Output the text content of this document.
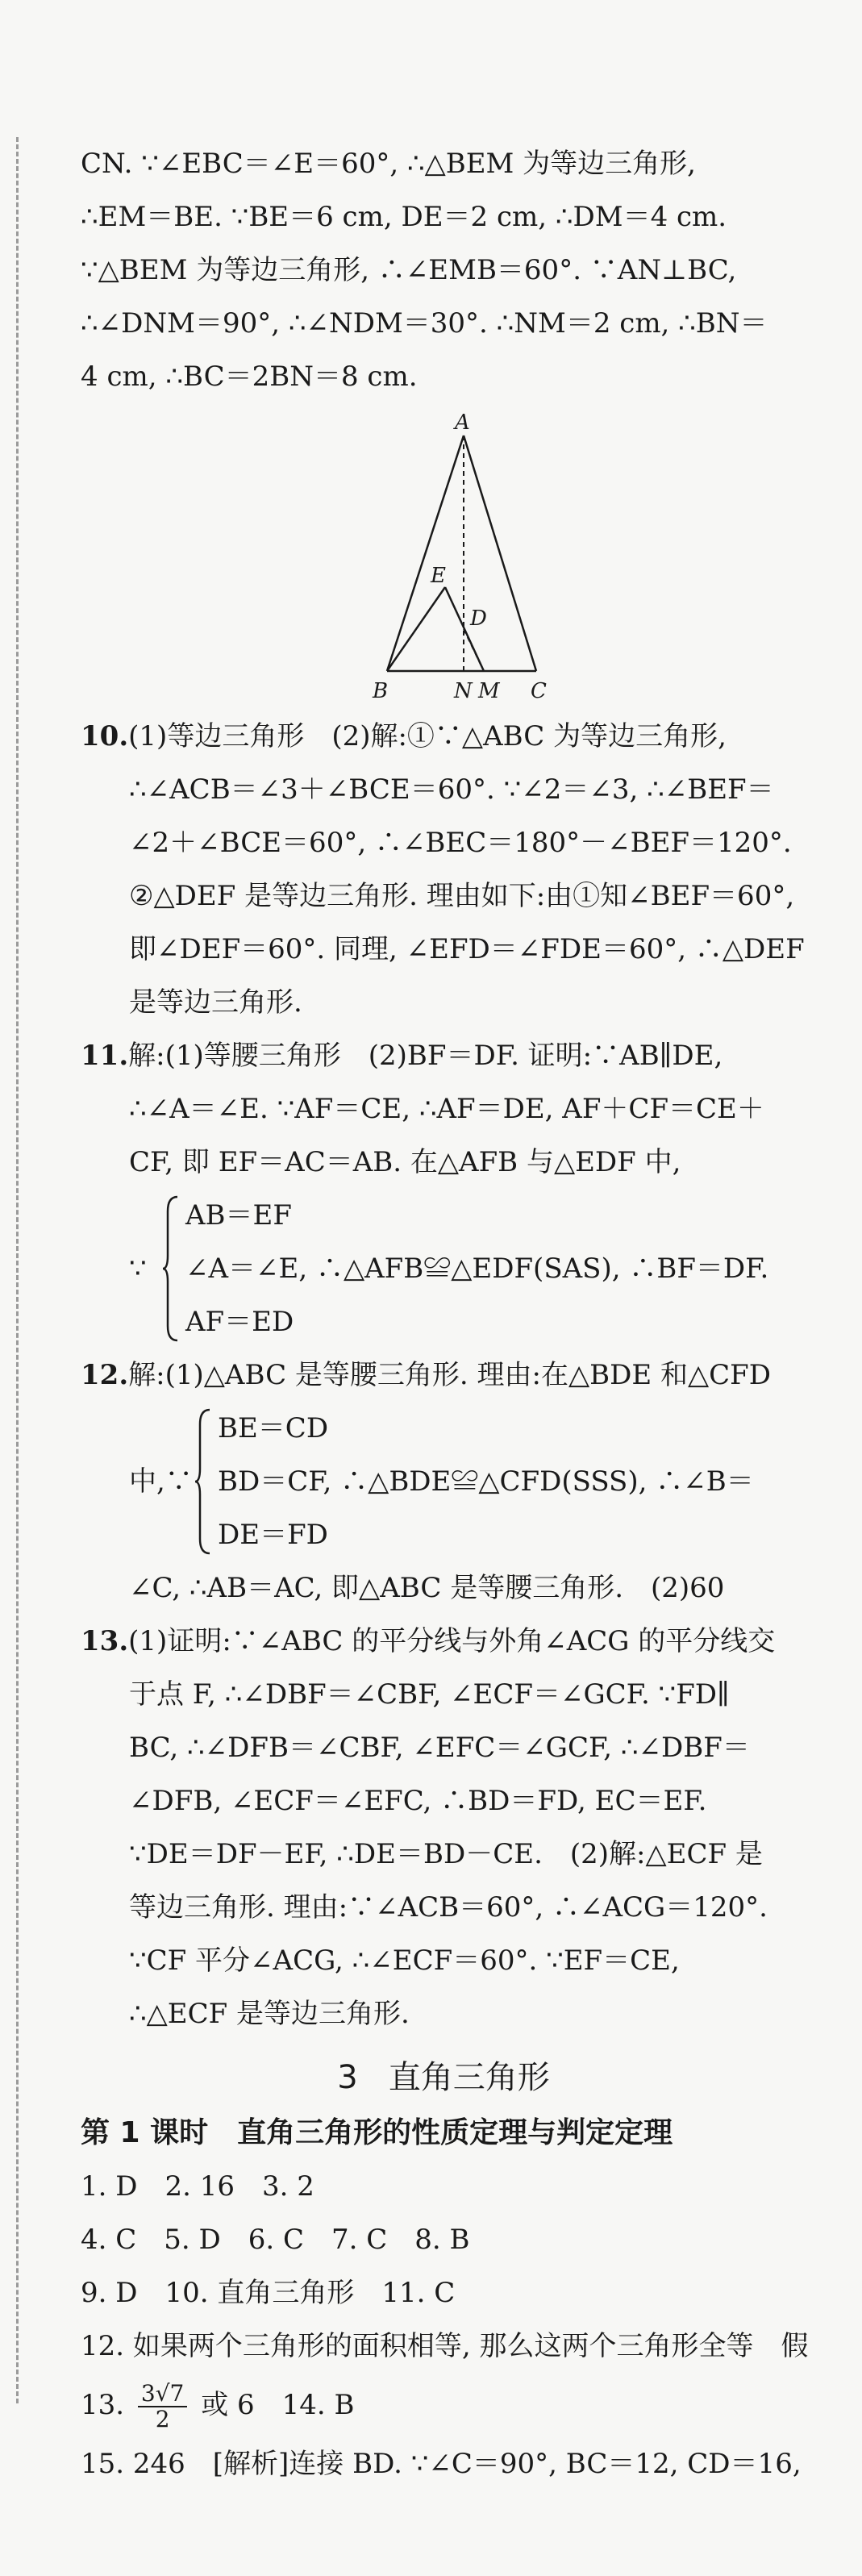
CN. ∵∠EBC＝∠E＝60°, ∴△BEM 为等边三角形,
∴EM＝BE. ∵BE＝6 cm, DE＝2 cm, ∴DM＝4 cm.
∵△BEM 为等边三角形, ∴∠EMB＝60°. ∵AN⊥BC,
∴∠DNM＝90°, ∴∠NDM＝30°. ∴NM＝2 cm, ∴BN＝
4 cm, ∴BC＝2BN＝8 cm.
A
E
D
B	N M C
10.(1)等边三角形　(2)解:①∵△ABC 为等边三角形,
∴∠ACB＝∠3＋∠BCE＝60°. ∵∠2＝∠3, ∴∠BEF＝
∠2＋∠BCE＝60°, ∴∠BEC＝180°－∠BEF＝120°.
②△DEF 是等边三角形. 理由如下:由①知∠BEF＝60°,
即∠DEF＝60°. 同理, ∠EFD＝∠FDE＝60°, ∴△DEF
是等边三角形.
11.解:(1)等腰三角形　(2)BF＝DF. 证明:∵AB∥DE,
∴∠A＝∠E. ∵AF＝CE, ∴AF＝DE, AF＋CF＝CE＋
CF, 即 EF＝AC＝AB. 在△AFB 与△EDF 中,
∵
AB＝EF
∠A＝∠E, ∴△AFB≌△EDF(SAS), ∴BF＝DF.
AF＝ED
12.解:(1)△ABC 是等腰三角形. 理由:在△BDE 和△CFD
中,∵
BE＝CD
BD＝CF, ∴△BDE≌△CFD(SSS), ∴∠B＝
DE＝FD
∠C, ∴AB＝AC, 即△ABC 是等腰三角形.　(2)60
13.(1)证明:∵∠ABC 的平分线与外角∠ACG 的平分线交
于点 F, ∴∠DBF＝∠CBF, ∠ECF＝∠GCF. ∵FD∥
BC, ∴∠DFB＝∠CBF, ∠EFC＝∠GCF, ∴∠DBF＝
∠DFB, ∠ECF＝∠EFC, ∴BD＝FD, EC＝EF.
∵DE＝DF－EF, ∴DE＝BD－CE.　(2)解:△ECF 是
等边三角形. 理由:∵∠ACB＝60°, ∴∠ACG＝120°.
∵CF 平分∠ACG, ∴∠ECF＝60°. ∵EF＝CE,
∴△ECF 是等边三角形.
3 直角三角形
第 1 课时　直角三角形的性质定理与判定定理
1. D　2. 16　3. 2
4. C　5. D　6. C　7. C　8. B
9. D　10. 直角三角形　11. C
12. 如果两个三角形的面积相等, 那么这两个三角形全等　假
13. $\frac{3√7}{2}$ 或 6　14. B
15. 246　[解析]连接 BD. ∵∠C＝90°, BC＝12, CD＝16,
